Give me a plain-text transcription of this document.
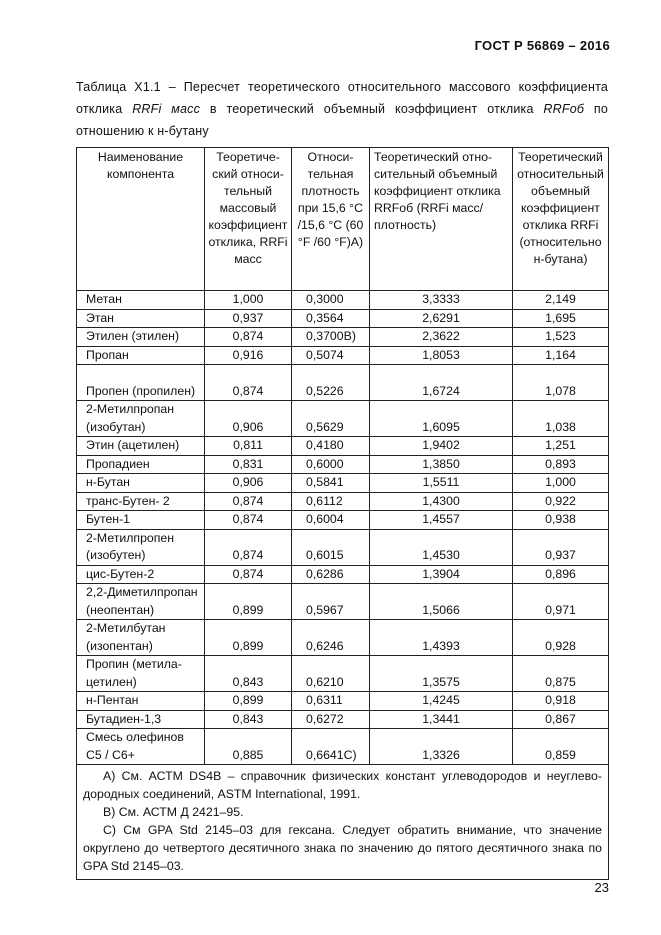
ГОСТ Р 56869 – 2016
Таблица Х1.1 – Пересчет теоретического относительного массового коэффициента отклика RRFi масс в теоретический объемный коэффициент отклика RRFоб по отношению к н-бутану
Наименование компонента	Теоретический относительный массовый коэффициент отклика, RRFi масс	Относительная плотность при 15,6 °С /15,6 °С (60 °F /60 °F)А)	Теоретический относительный объемный коэффициент отклика RRFоб (RRFi масс/плотность)	Теоретический относительный объемный коэффициент отклика RRFi (относительно н-бутана)
Метан	1,000	0,3000	3,3333	2,149
Этан	0,937	0,3564	2,6291	1,695
Этилен (этилен)	0,874	0,3700В)	2,3622	1,523
Пропан	0,916	0,5074	1,8053	1,164
Пропен (пропилен)	0,874	0,5226	1,6724	1,078
2-Метилпропан (изобутан)	0,906	0,5629	1,6095	1,038
Этин (ацетилен)	0,811	0,4180	1,9402	1,251
Пропадиен	0,831	0,6000	1,3850	0,893
н-Бутан	0,906	0,5841	1,5511	1,000
транс-Бутен- 2	0,874	0,6112	1,4300	0,922
Бутен-1	0,874	0,6004	1,4557	0,938
2-Метилпропен (изобутен)	0,874	0,6015	1,4530	0,937
цис-Бутен-2	0,874	0,6286	1,3904	0,896
2,2-Диметилпропан (неопентан)	0,899	0,5967	1,5066	0,971
2-Метилбутан (изопентан)	0,899	0,6246	1,4393	0,928
Пропин (метилацетилен)	0,843	0,6210	1,3575	0,875
н-Пентан	0,899	0,6311	1,4245	0,918
Бутадиен-1,3	0,843	0,6272	1,3441	0,867
Смесь олефинов С5 / С6+	0,885	0,6641С)	1,3326	0,859

А) См. АСТМ DS4B – справочник физических констант углеводородов и неуглеводородных соединений, ASTM International, 1991.
В) См. АСТМ Д 2421–95.
С) См GPA Std 2145–03 для гексана. Следует обратить внимание, что значение округлено до четвертого десятичного знака по значению до пятого десятичного знака по GPA Std 2145–03.				
23
